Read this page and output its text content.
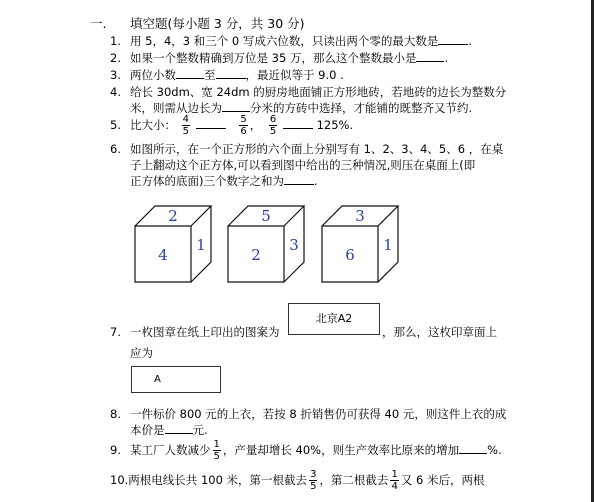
一. 填空题(每小题 3 分，共 30 分)
1. 用 5，4，3 和三个 0 写成六位数，只读出两个零的最大数是	.
2. 如果一个整数精确到万位是 35 万，那么这个整数最小是 .
3. 两位小数 至	，最近似等于 9.0 .
4. 给长 30dm、宽 24dm 的厨房地面铺正方形地砖，若地砖的边长为整数分
米，则需从边长为 分米的方砖中选择，才能铺的既整齐又节约.
5. 比大小： $\frac{4}{5}$
	$\frac{5}{6}$ ， $\frac{6}{5}$	125%.
6. 如图所示，在一个正方形的六个面上分别写有 1、2、3、4、5、6 ，在桌
子上翻动这个正方体,可以看到图中给出的三种情况,则压在桌面上(即
正方体的底面)三个数字之和为	.
2
4
1
5
2
3
3
6
1
7. 一枚图章在纸上印出的图案为
北京A2
，那么，这枚印章面上
应为
A
8. 一件标价 800 元的上衣，若按 8 折销售仍可获得 40 元，则这件上衣的成
本价是 元.
9. 某工厂人数减少 $\frac{1}{5}$ ，产量却增长 40%，则生产效率比原来的增加 %.
10.两根电线长共 100 米，第一根截去 $\frac{3}{5}$ ，第二根截去 $\frac{1}{4}$ 又 6 米后，两根
